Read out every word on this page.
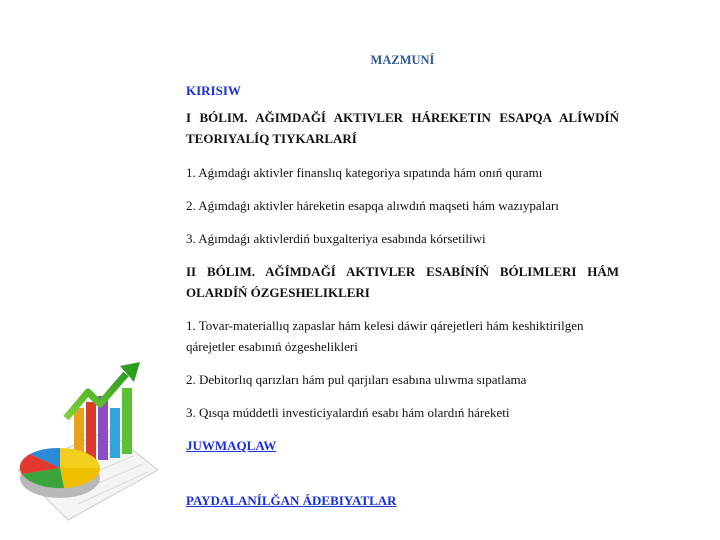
MAZMUNÍ
KIRISIW

I BÓLIM. AĞIMDAĞÍ AKTIVLER HÁREKETIN ESAPQA ALÍWDÍŃ TEORIYALÍQ TIYKARLARÍ

1. Aǵımdaǵı aktivler finanslıq kategoriya sıpatında hám onıń quramı

2. Aǵımdaǵı aktivler háreketin esapqa alıwdıń maqseti hám wazıypaları

3. Aǵımdaǵı aktivlerdiń buxgalteriya esabında kórsetiliwi

II BÓLIM. AĞÍMDAĞÍ AKTIVLER ESABÍNÍŃ BÓLIMLERI HÁM OLARDÍŃ ÓZGESHELIKLERI

1. Tovar-materiallıq zapaslar hám kelesi dáwir qárejetleri hám keshiktirilgen qárejetler esabınıń ózgeshelikleri

2. Debitorlıq qarızları hám pul qarjıları esabına ulıwma sıpatlama

3. Qısqa múddetli investiciyalardıń esabı hám olardıń háreketi

JUWMAQLAW
PAYDALANÍLĞAN ÁDEBIYATLAR
